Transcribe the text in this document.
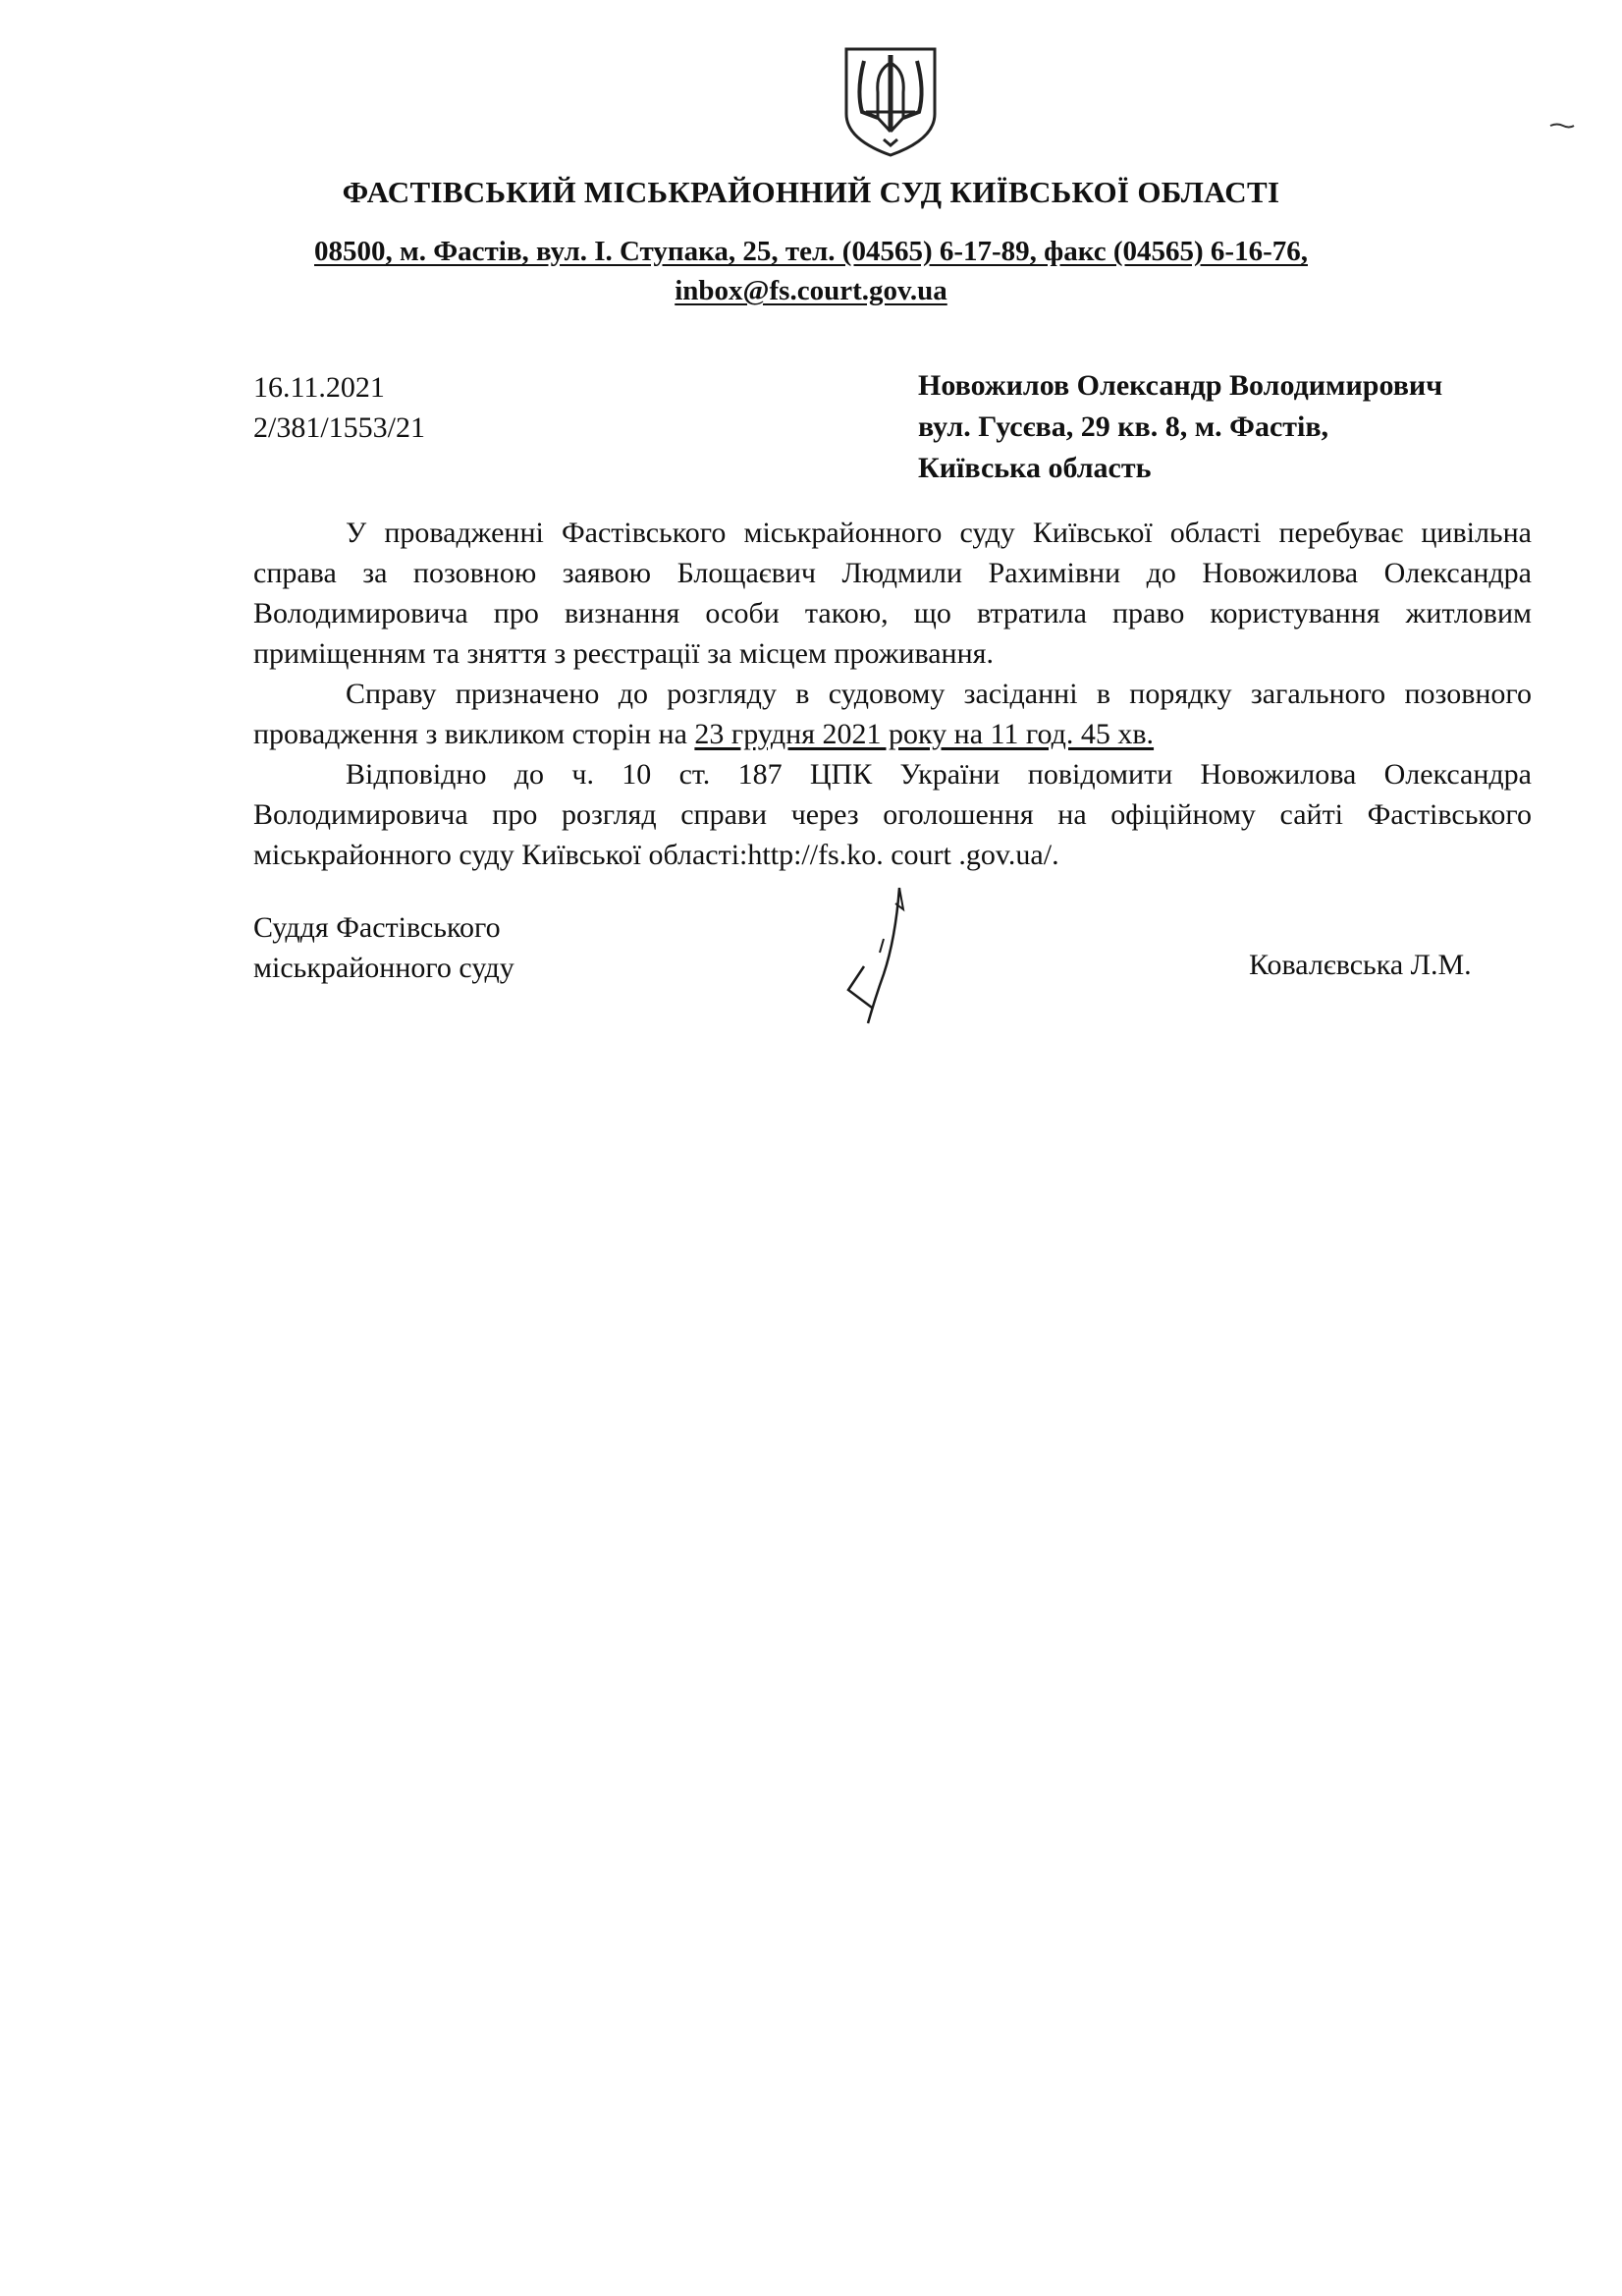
ФАСТІВСЬКИЙ МІСЬКРАЙОННИЙ СУД КИЇВСЬКОЇ ОБЛАСТІ
08500, м. Фастів, вул. І. Ступака, 25, тел. (04565) 6-17-89, факс (04565) 6-16-76,
inbox@fs.court.gov.ua
16.11.2021
2/381/1553/21
Новожилов Олександр Володимирович
вул. Гусєва, 29 кв. 8, м. Фастів,
Київська область

У провадженні Фастівського міськрайонного суду Київської області перебуває цивільна справа за позовною заявою Блощаєвич Людмили Рахимівни до Новожилова Олександра Володимировича про визнання особи такою, що втратила право користування житловим приміщенням та зняття з реєстрації за місцем проживання.

Справу призначено до розгляду в судовому засіданні в порядку загального позовного провадження з викликом сторін на 23 грудня 2021 року на 11 год. 45 хв.

Відповідно до ч. 10 ст. 187 ЦПК України повідомити Новожилова Олександра Володимировича про розгляд справи через оголошення на офіційному сайті Фастівського міськрайонного суду Київської області:http://fs.ko. court .gov.ua/.

Суддя Фастівського
міськрайонного суду	Ковалєвська Л.М.
